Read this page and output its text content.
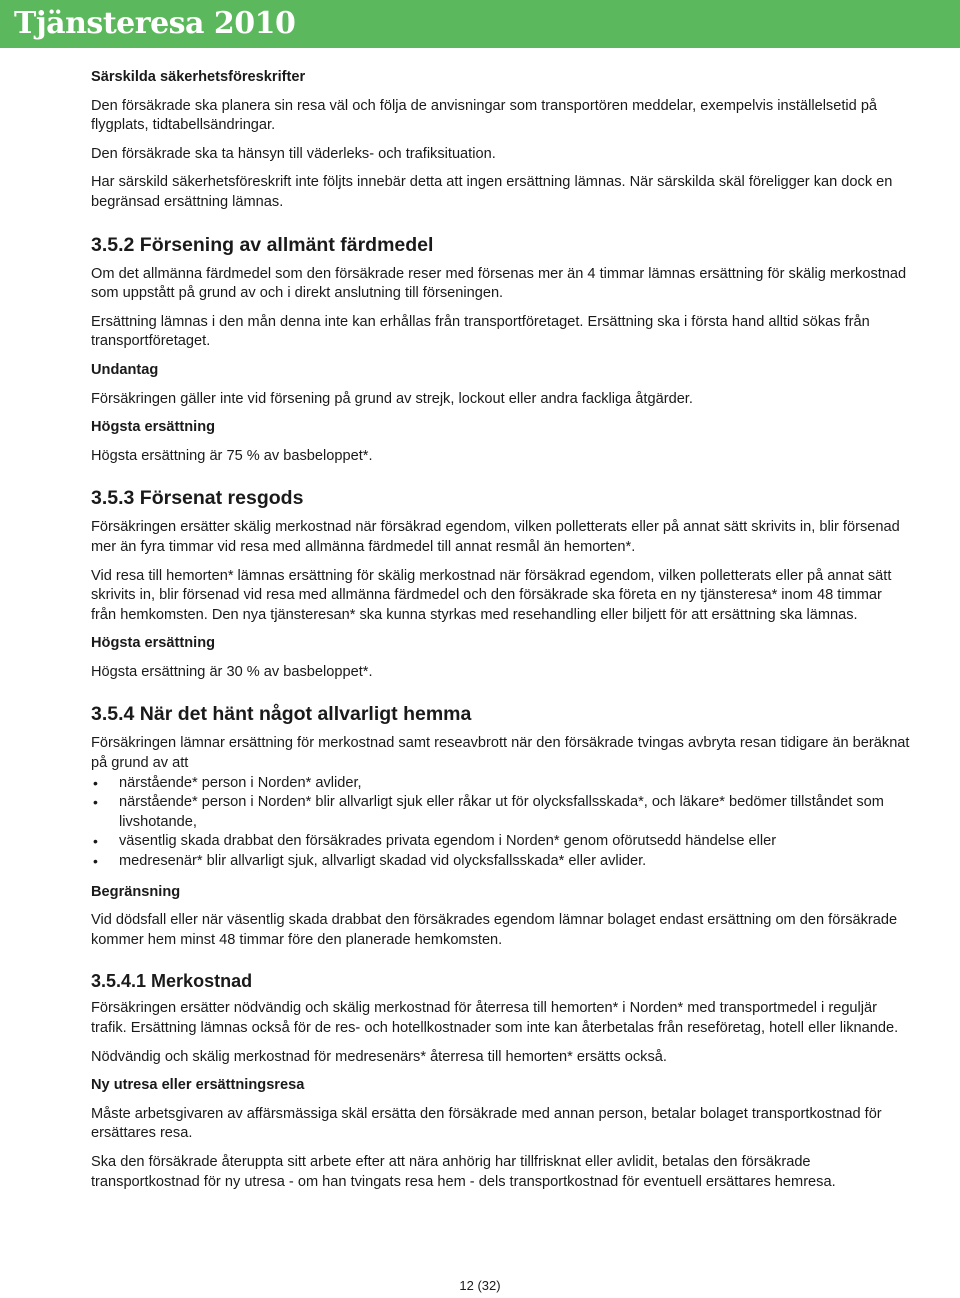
Tjänsteresa 2010

Särskilda säkerhetsföreskrifter

Den försäkrade ska planera sin resa väl och följa de anvisningar som transportören meddelar, exempelvis inställelsetid på flygplats, tidtabellsändringar.

Den försäkrade ska ta hänsyn till väderleks- och trafiksituation.

Har särskild säkerhetsföreskrift inte följts innebär detta att ingen ersättning lämnas. När särskilda skäl föreligger kan dock en begränsad ersättning lämnas.

3.5.2 Försening av allmänt färdmedel

Om det allmänna färdmedel som den försäkrade reser med försenas mer än 4 timmar lämnas ersättning för skälig merkostnad som uppstått på grund av och i direkt anslutning till förseningen.

Ersättning lämnas i den mån denna inte kan erhållas från transportföretaget. Ersättning ska i första hand alltid sökas från transportföretaget.

Undantag

Försäkringen gäller inte vid försening på grund av strejk, lockout eller andra fackliga åtgärder.

Högsta ersättning

Högsta ersättning är 75 % av basbeloppet*.

3.5.3 Försenat resgods

Försäkringen ersätter skälig merkostnad när försäkrad egendom, vilken polletterats eller på annat sätt skrivits in, blir försenad mer än fyra timmar vid resa med allmänna färdmedel till annat resmål än hemorten*.

Vid resa till hemorten* lämnas ersättning för skälig merkostnad när försäkrad egendom, vilken polletterats eller på annat sätt skrivits in, blir försenad vid resa med allmänna färdmedel och den försäkrade ska företa en ny tjänsteresa* inom 48 timmar från hemkomsten. Den nya tjänsteresan* ska kunna styrkas med resehandling eller biljett för att ersättning ska lämnas.

Högsta ersättning

Högsta ersättning är 30 % av basbeloppet*.

3.5.4 När det hänt något allvarligt hemma

Försäkringen lämnar ersättning för merkostnad samt reseavbrott när den försäkrade tvingas avbryta resan tidigare än beräknat på grund av att

• närstående* person i Norden* avlider,
• närstående* person i Norden* blir allvarligt sjuk eller råkar ut för olycksfallsskada*, och läkare* bedömer tillståndet som livshotande,
• väsentlig skada drabbat den försäkrades privata egendom i Norden* genom oförutsedd händelse eller
• medresenär* blir allvarligt sjuk, allvarligt skadad vid olycksfallsskada* eller avlider.

Begränsning

Vid dödsfall eller när väsentlig skada drabbat den försäkrades egendom lämnar bolaget endast ersättning om den försäkrade kommer hem minst 48 timmar före den planerade hemkomsten.

3.5.4.1 Merkostnad

Försäkringen ersätter nödvändig och skälig merkostnad för återresa till hemorten* i Norden* med transportmedel i reguljär trafik. Ersättning lämnas också för de res- och hotellkostnader som inte kan återbetalas från reseföretag, hotell eller liknande.

Nödvändig och skälig merkostnad för medresenärs* återresa till hemorten* ersätts också.

Ny utresa eller ersättningsresa

Måste arbetsgivaren av affärsmässiga skäl ersätta den försäkrade med annan person, betalar bolaget transportkostnad för ersättares resa.

Ska den försäkrade återuppta sitt arbete efter att nära anhörig har tillfrisknat eller avlidit, betalas den försäkrade transportkostnad för ny utresa - om han tvingats resa hem - dels transportkostnad för eventuell ersättares hemresa.

12 (32)
